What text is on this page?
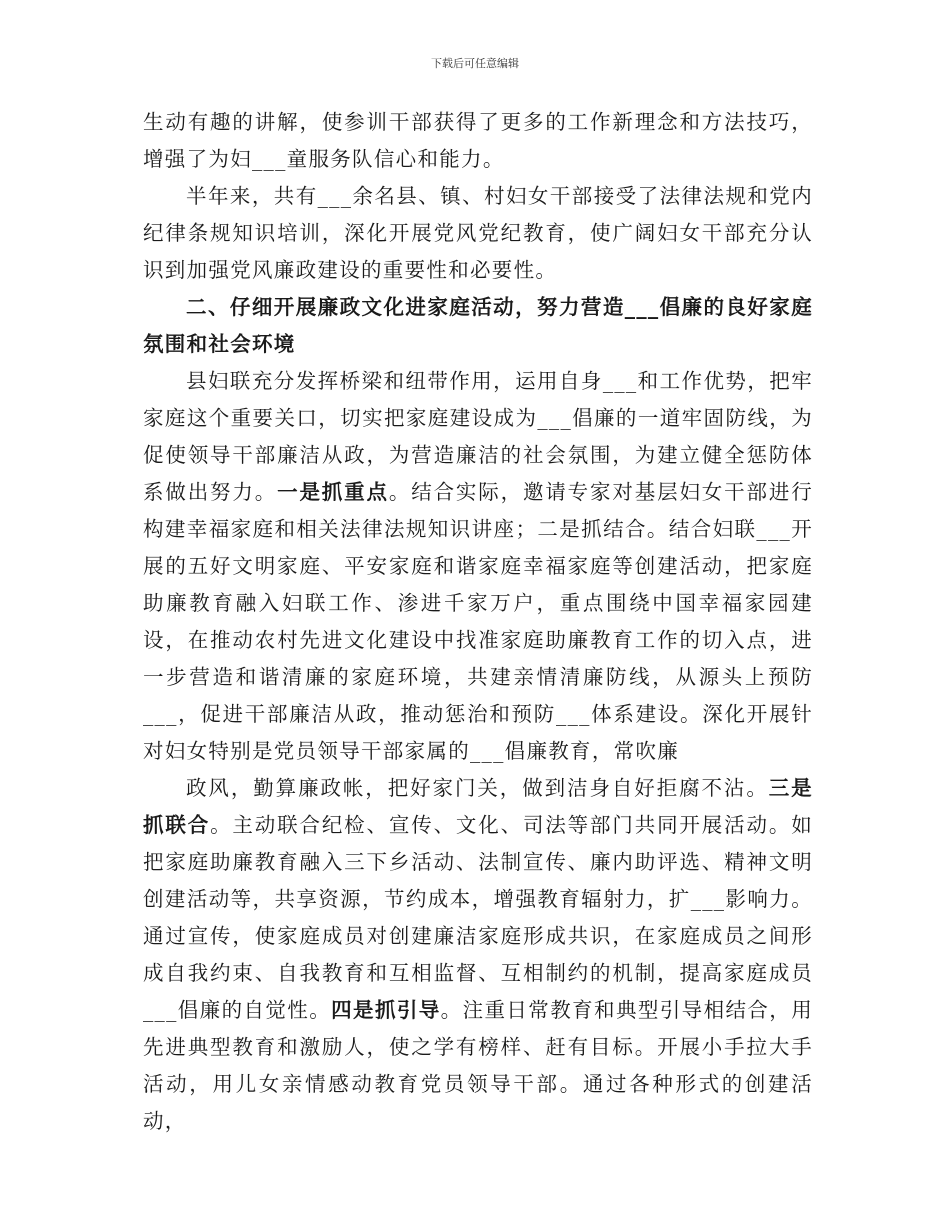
下载后可任意编辑

生动有趣的讲解，使参训干部获得了更多的工作新理念和方法技巧，增强了为妇___童服务队信心和能力。

半年来，共有___余名县、镇、村妇女干部接受了法律法规和党内纪律条规知识培训，深化开展党风党纪教育，使广阔妇女干部充分认识到加强党风廉政建设的重要性和必要性。

二、仔细开展廉政文化进家庭活动，努力营造___倡廉的良好家庭氛围和社会环境

县妇联充分发挥桥梁和纽带作用，运用自身___和工作优势，把牢家庭这个重要关口，切实把家庭建设成为___倡廉的一道牢固防线，为促使领导干部廉洁从政，为营造廉洁的社会氛围，为建立健全惩防体系做出努力。一是抓重点。结合实际，邀请专家对基层妇女干部进行构建幸福家庭和相关法律法规知识讲座；二是抓结合。结合妇联___开展的五好文明家庭、平安家庭和谐家庭幸福家庭等创建活动，把家庭助廉教育融入妇联工作、渗进千家万户，重点围绕中国幸福家园建设，在推动农村先进文化建设中找准家庭助廉教育工作的切入点，进一步营造和谐清廉的家庭环境，共建亲情清廉防线，从源头上预防___，促进干部廉洁从政，推动惩治和预防___体系建设。深化开展针对妇女特别是党员领导干部家属的___倡廉教育，常吹廉

政风，勤算廉政帐，把好家门关，做到洁身自好拒腐不沾。三是抓联合。主动联合纪检、宣传、文化、司法等部门共同开展活动。如把家庭助廉教育融入三下乡活动、法制宣传、廉内助评选、精神文明创建活动等，共享资源，节约成本，增强教育辐射力，扩___影响力。通过宣传，使家庭成员对创建廉洁家庭形成共识，在家庭成员之间形成自我约束、自我教育和互相监督、互相制约的机制，提高家庭成员___倡廉的自觉性。四是抓引导。注重日常教育和典型引导相结合，用先进典型教育和激励人，使之学有榜样、赶有目标。开展小手拉大手活动，用儿女亲情感动教育党员领导干部。通过各种形式的创建活动，
